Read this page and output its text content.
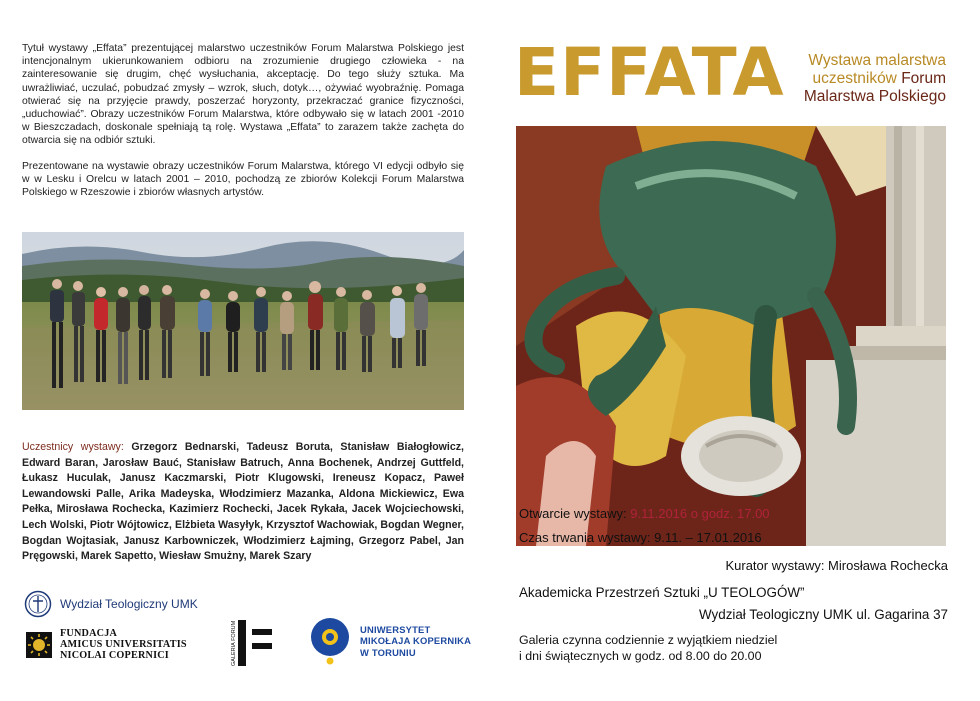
Tytuł wystawy „Effata” prezentującej malarstwo uczestników Forum Malarstwa Polskiego jest intencjonalnym ukierunkowaniem odbioru na zrozumienie drugiego człowieka - na zainteresowanie się drugim, chęć wysłuchania, akceptację. Do tego służy sztuka. Ma uwrażliwiać, uczulać, pobudzać zmysły – wzrok, słuch, dotyk…, ożywiać wyobraźnię. Pomaga otwierać się na przyjęcie prawdy, poszerzać horyzonty, przekraczać granice fizyczności, „uduchowiać”. Obrazy uczestników Forum Malarstwa, które odbywało się w latach 2001 -2010 w Bieszczadach, doskonale spełniają tą rolę. Wystawa „Effata” to zarazem także zachęta do otwarcia się na odbiór sztuki.

Prezentowane na wystawie obrazy uczestników Forum Malarstwa, którego VI edycji odbyło się w w Lesku i Orelcu w latach 2001 – 2010, pochodzą ze zbiorów Kolekcji Forum Malarstwa Polskiego w Rzeszowie i zbiorów własnych artystów.

Uczestnicy wystawy: Grzegorz Bednarski, Tadeusz Boruta, Stanisław Białogłowicz, Edward Baran, Jarosław Bauć, Stanisław Batruch, Anna Bochenek, Andrzej Guttfeld, Łukasz Huculak, Janusz Kaczmarski, Piotr Klugowski, Ireneusz Kopacz, Paweł Lewandowski Palle, Arika Madeyska, Włodzimierz Mazanka, Aldona Mickiewicz, Ewa Pełka, Mirosława Rochecka, Kazimierz Rochecki, Jacek Rykała, Jacek Wojciechowski, Lech Wolski, Piotr Wójtowicz, Elżbieta Wasyłyk, Krzysztof Wachowiak, Bogdan Wegner, Bogdan Wojtasiak, Janusz Karbowniczek, Włodzimierz Łajming, Grzegorz Pabel, Jan Pręgowski, Marek Sapetto, Wiesław Smużny, Marek Szary
Wydział Teologiczny UMK
FUNDACJA
AMICUS UNIVERSITATIS
NICOLAI COPERNICI	GALERIA FORUM	UNIWERSYTET
MIKOŁAJA KOPERNIKA
W TORUNIU
EFFATA Wystawa malarstwa
uczestników Forum
Malarstwa Polskiego
Otwarcie wystawy: 9.11.2016 o godz. 17.00
Czas trwania wystawy: 9.11. – 17.01.2016
Kurator wystawy: Mirosława Rochecka
Akademicka Przestrzeń Sztuki „U TEOLOGÓW”
Wydział Teologiczny UMK ul. Gagarina 37
Galeria czynna codziennie z wyjątkiem niedziel
i dni świątecznych w godz. od 8.00 do 20.00
